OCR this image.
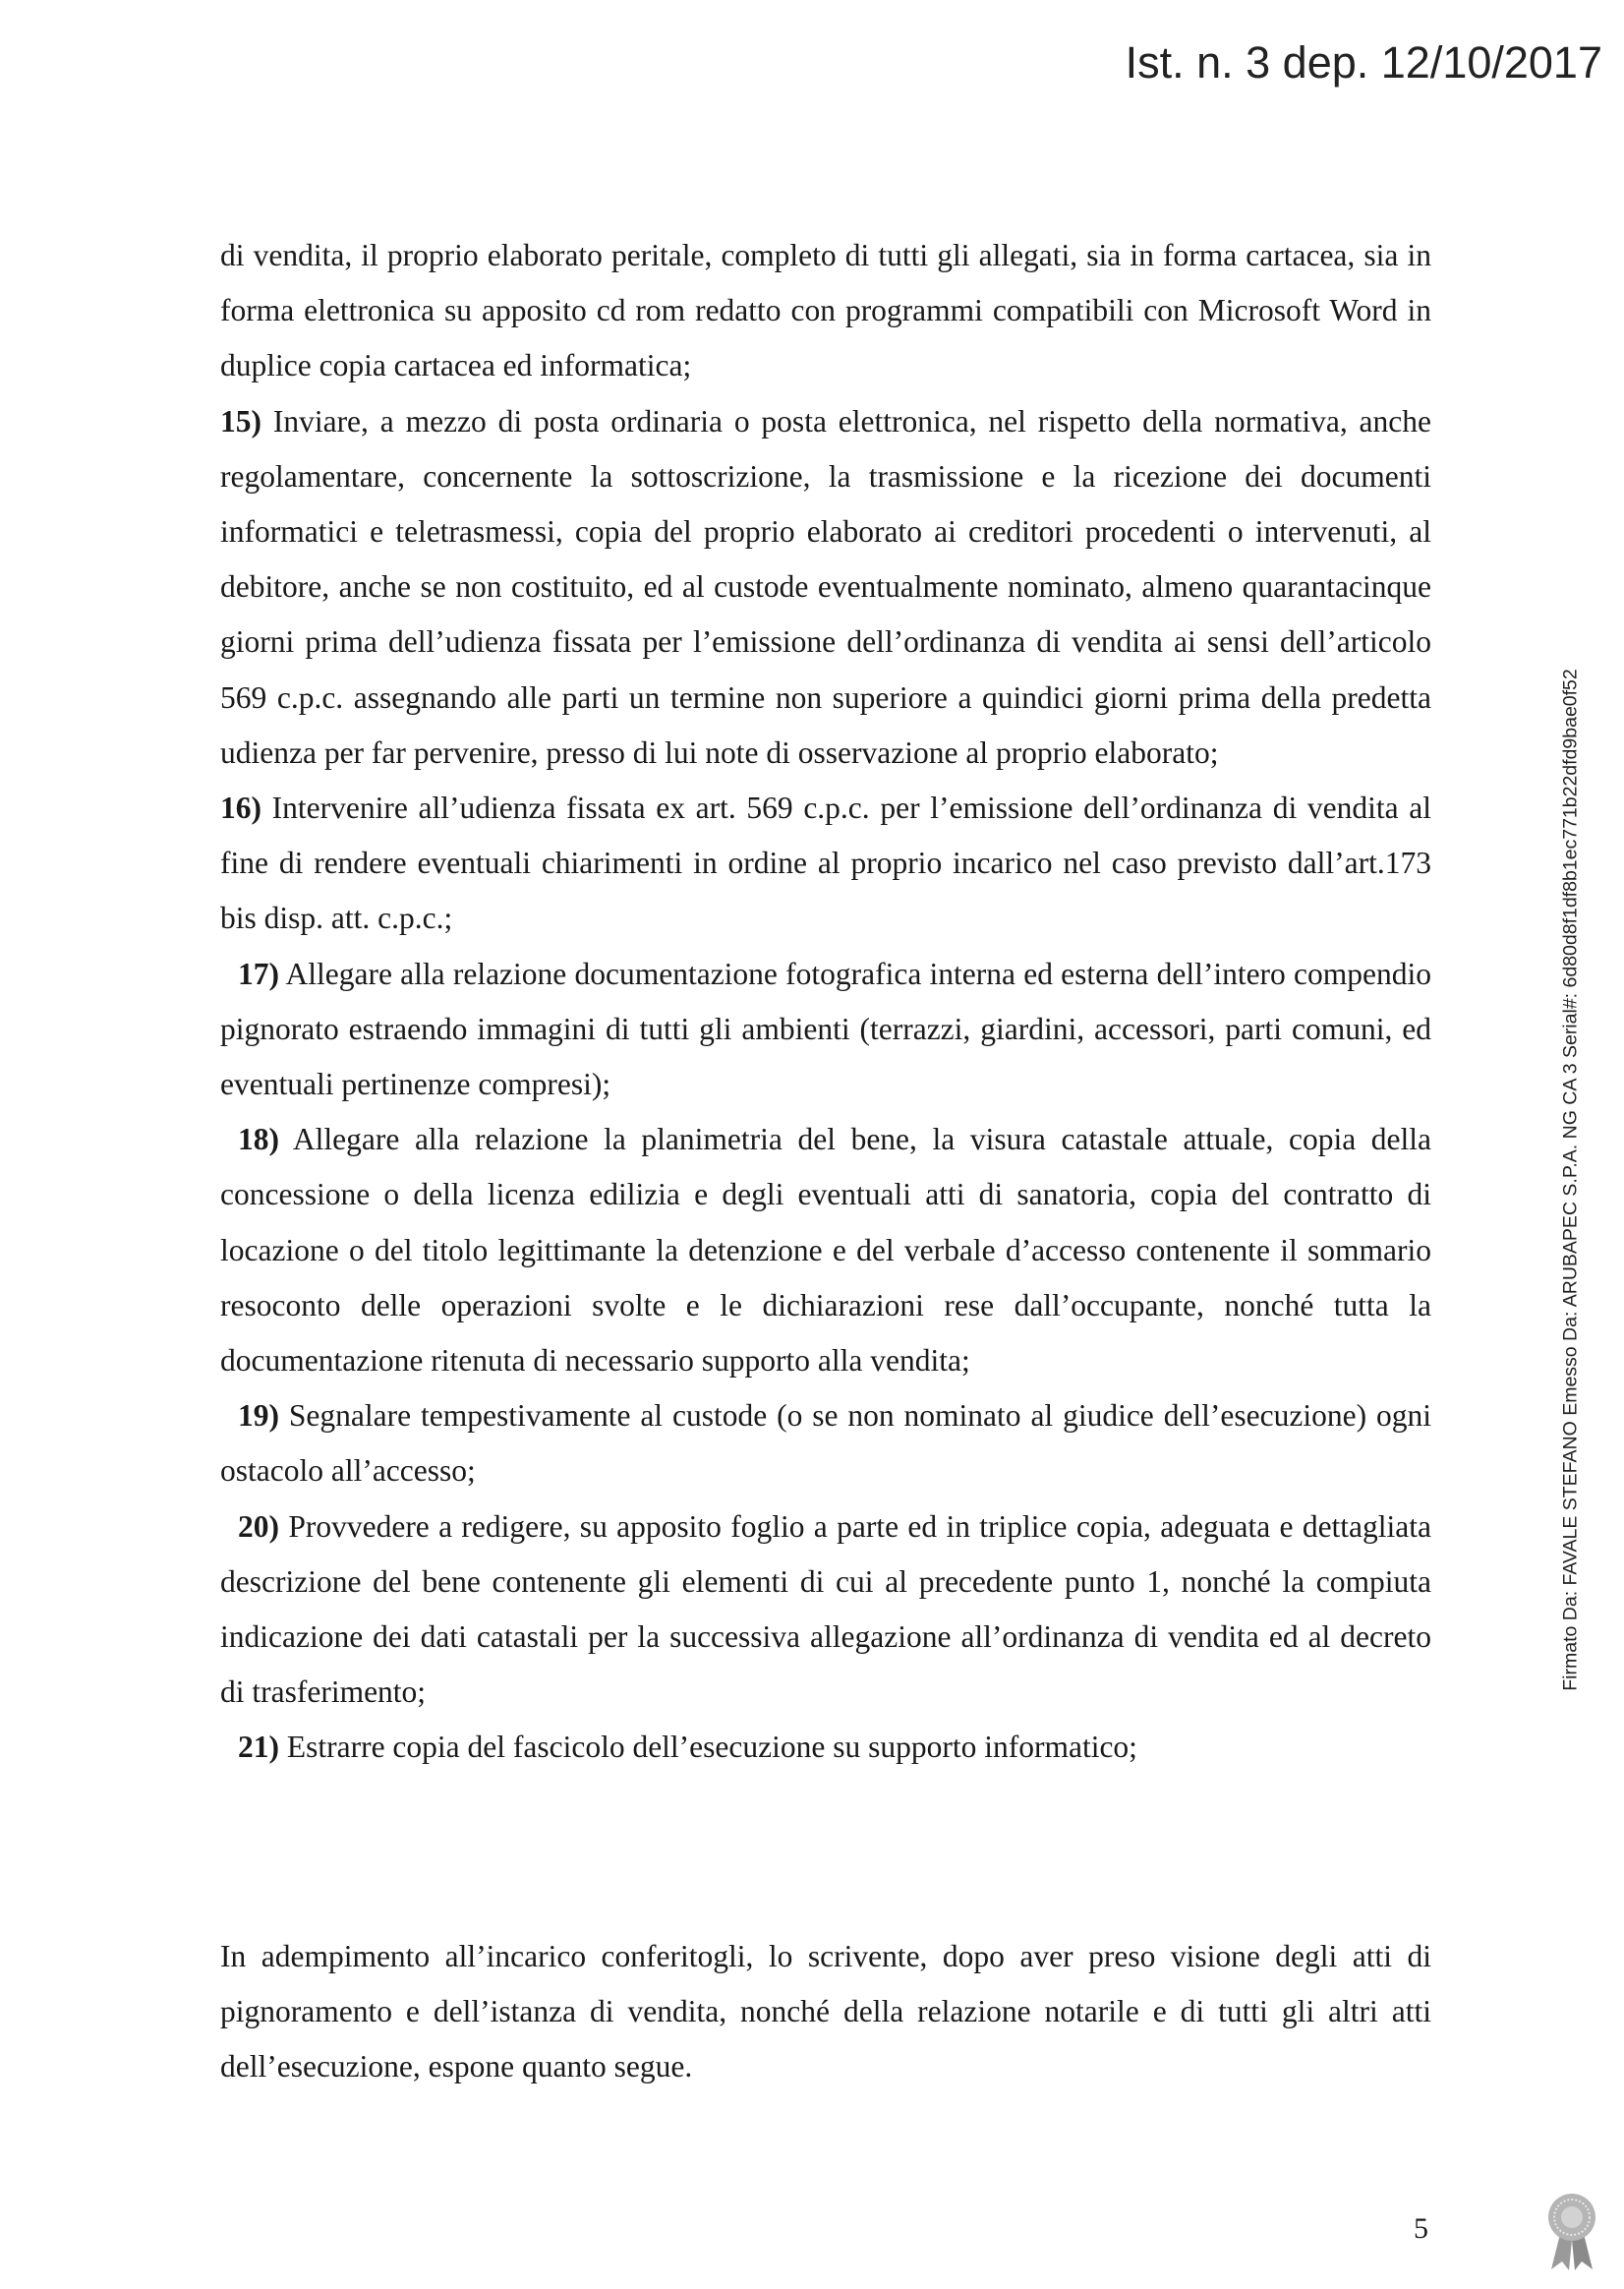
Ist. n. 3 dep. 12/10/2017

di vendita, il proprio elaborato peritale, completo di tutti gli allegati, sia in forma cartacea, sia in forma elettronica su apposito cd rom redatto con programmi compatibili con Microsoft Word in duplice copia cartacea ed informatica;

15) Inviare, a mezzo di posta ordinaria o posta elettronica, nel rispetto della normativa, anche regolamentare, concernente la sottoscrizione, la trasmissione e la ricezione dei documenti informatici e teletrasmessi, copia del proprio elaborato ai creditori procedenti o intervenuti, al debitore, anche se non costituito, ed al custode eventualmente nominato, almeno quarantacinque giorni prima dell’udienza fissata per l’emissione dell’ordinanza di vendita ai sensi dell’articolo 569 c.p.c. assegnando alle parti un termine non superiore a quindici giorni prima della predetta udienza per far pervenire, presso di lui note di osservazione al proprio elaborato;

16) Intervenire all’udienza fissata ex art. 569 c.p.c. per l’emissione dell’ordinanza di vendita al fine di rendere eventuali chiarimenti in ordine al proprio incarico nel caso previsto dall’art.173 bis disp. att. c.p.c.;

17) Allegare alla relazione documentazione fotografica interna ed esterna dell’intero compendio pignorato estraendo immagini di tutti gli ambienti (terrazzi, giardini, accessori, parti comuni, ed eventuali pertinenze compresi);

18) Allegare alla relazione la planimetria del bene, la visura catastale attuale, copia della concessione o della licenza edilizia e degli eventuali atti di sanatoria, copia del contratto di locazione o del titolo legittimante la detenzione e del verbale d’accesso contenente il sommario resoconto delle operazioni svolte e le dichiarazioni rese dall’occupante, nonché tutta la documentazione ritenuta di necessario supporto alla vendita;

19) Segnalare tempestivamente al custode (o se non nominato al giudice dell’esecuzione) ogni ostacolo all’accesso;

20) Provvedere a redigere, su apposito foglio a parte ed in triplice copia, adeguata e dettagliata descrizione del bene contenente gli elementi di cui al precedente punto 1, nonché la compiuta indicazione dei dati catastali per la successiva allegazione all’ordinanza di vendita ed al decreto di trasferimento;

21) Estrarre copia del fascicolo dell’esecuzione su supporto informatico;

In adempimento all’incarico conferitogli, lo scrivente, dopo aver preso visione degli atti di pignoramento e dell’istanza di vendita, nonché della relazione notarile e di tutti gli altri atti dell’esecuzione, espone quanto segue.

5
Firmato Da: FAVALE STEFANO Emesso Da: ARUBAPEC S.P.A. NG CA 3 Serial#: 6d80d8f1df8b1ec771b22dfd9bae0f52
